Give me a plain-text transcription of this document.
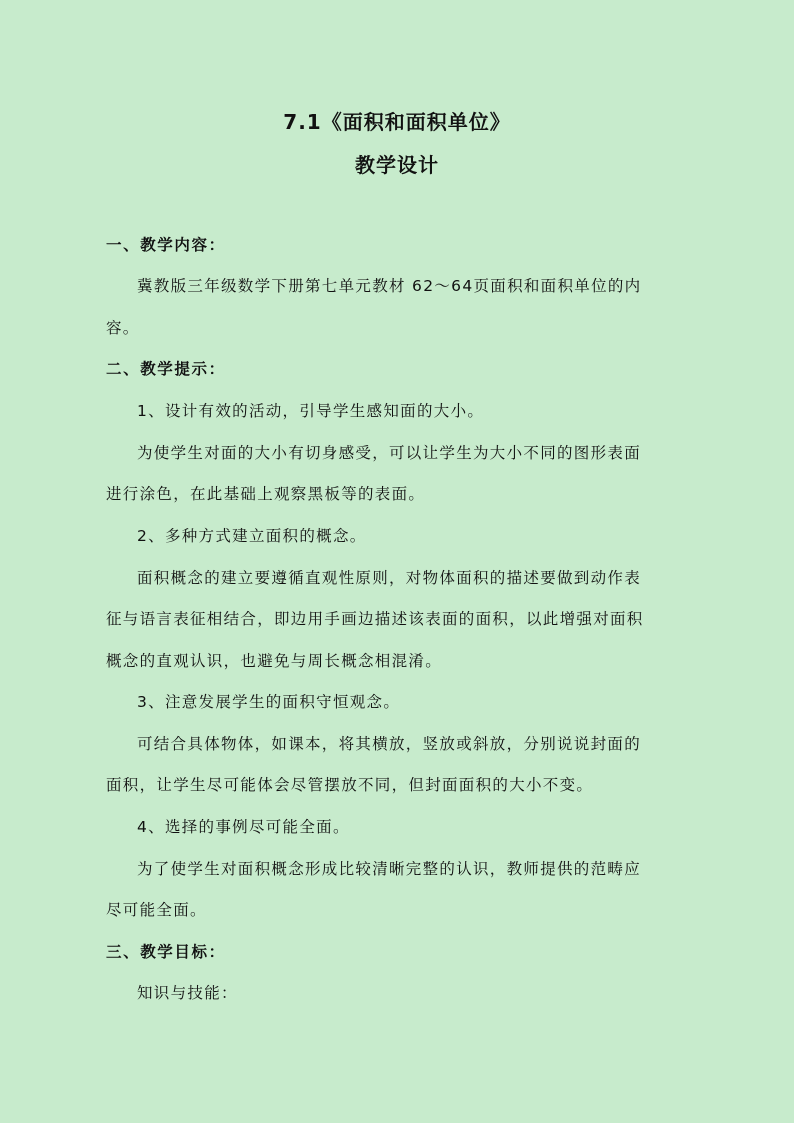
7.1《面积和面积单位》
教学设计
一、教学内容：
冀教版三年级数学下册第七单元教材 62～64页面积和面积单位的内
容。
二、教学提示：
1、设计有效的活动，引导学生感知面的大小。
为使学生对面的大小有切身感受，可以让学生为大小不同的图形表面
进行涂色，在此基础上观察黑板等的表面。
2、多种方式建立面积的概念。
面积概念的建立要遵循直观性原则，对物体面积的描述要做到动作表
征与语言表征相结合，即边用手画边描述该表面的面积，以此增强对面积
概念的直观认识，也避免与周长概念相混淆。
3、注意发展学生的面积守恒观念。
可结合具体物体，如课本，将其横放，竖放或斜放，分别说说封面的
面积，让学生尽可能体会尽管摆放不同，但封面面积的大小不变。
4、选择的事例尽可能全面。
为了使学生对面积概念形成比较清晰完整的认识，教师提供的范畴应
尽可能全面。
三、教学目标：
知识与技能：
